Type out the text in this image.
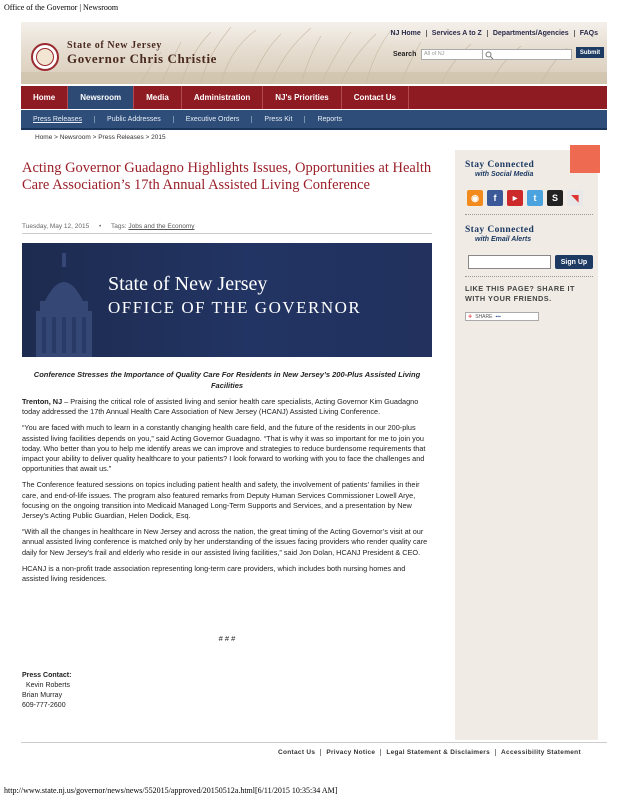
Office of the Governor | Newsroom
State of New Jersey
Governor Chris Christie
NJ Home	Services A to Z	Departments/Agencies	FAQs
Search	All of NJ	Submit
Home	Newsroom	Media	Administration	NJ's Priorities	Contact Us
Press Releases	Public Addresses	Executive Orders	Press Kit	Reports
Home > Newsroom > Press Releases > 2015
Acting Governor Guadagno Highlights Issues, Opportunities at Health Care Association’s 17th Annual Assisted Living Conference
Tuesday, May 12, 2015 • Tags: Jobs and the Economy
State of New Jersey
OFFICE OF THE GOVERNOR
Conference Stresses the Importance of Quality Care For Residents in New Jersey’s 200-Plus Assisted Living Facilities

Trenton, NJ – Praising the critical role of assisted living and senior health care specialists, Acting Governor Kim Guadagno today addressed the 17th Annual Health Care Association of New Jersey (HCANJ) Assisted Living Conference.

“You are faced with much to learn in a constantly changing health care field, and the future of the residents in our 200-plus assisted living facilities depends on you,” said Acting Governor Guadagno. “That is why it was so important for me to join you today. Who better than you to help me identify areas we can improve and strategies to reduce burdensome requirements that impact your ability to deliver quality healthcare to your patients? I look forward to working with you to face the challenges and opportunities that await us.”

The Conference featured sessions on topics including patient health and safety, the involvement of patients’ families in their care, and end-of-life issues. The program also featured remarks from Deputy Human Services Commissioner Lowell Arye, focusing on the ongoing transition into Medicaid Managed Long-Term Supports and Services, and a presentation by New Jersey’s Acting Public Guardian, Helen Dodick, Esq.

“With all the changes in healthcare in New Jersey and across the nation, the great timing of the Acting Governor’s visit at our annual assisted living conference is matched only by her understanding of the issues facing providers who render quality care daily for New Jersey’s frail and elderly who reside in our assisted living facilities,” said Jon Dolan, HCANJ President & CEO.

HCANJ is a non-profit trade association representing long-term care providers, which includes both nursing homes and assisted living residences.

# # #
Press Contact:
Kevin Roberts
Brian Murray
609-777-2600
Stay Connected
with Social Media
◉	f	▶	t	S	◥
Stay Connected
with Email Alerts
Sign Up
LIKE THIS PAGE? SHARE IT WITH YOUR FRIENDS.
✚ SHARE ▪▪▪
Contact Us	Privacy Notice	Legal Statement & Disclaimers	Accessibility Statement
http://www.state.nj.us/governor/news/news/552015/approved/20150512a.html[6/11/2015 10:35:34 AM]
